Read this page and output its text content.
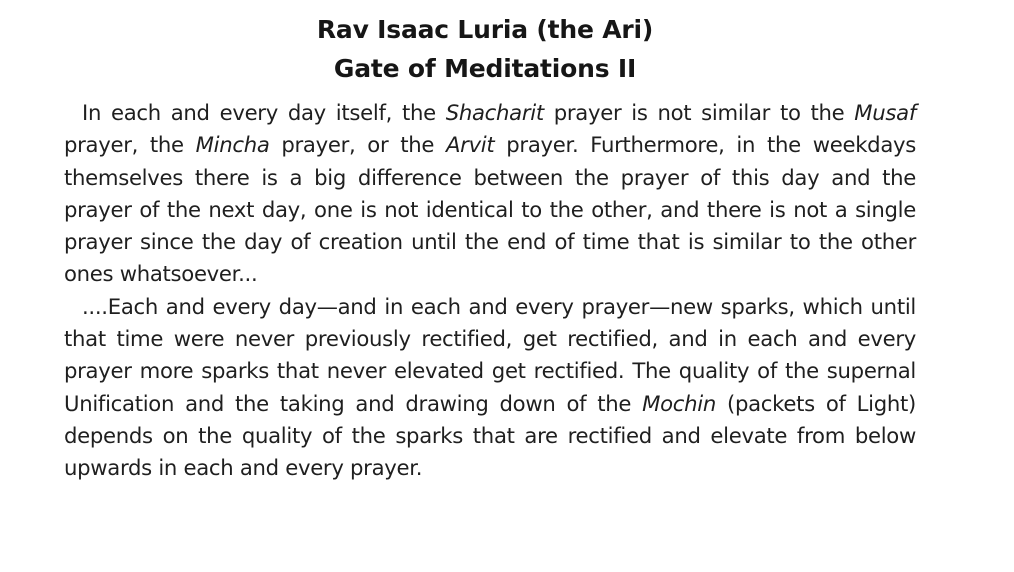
Rav Isaac Luria (the Ari)
Gate of Meditations II

In each and every day itself, the Shacharit prayer is not similar to the Musaf prayer, the Mincha prayer, or the Arvit prayer. Furthermore, in the weekdays themselves there is a big difference between the prayer of this day and the prayer of the next day, one is not identical to the other, and there is not a single prayer since the day of creation until the end of time that is similar to the other ones whatsoever...

....Each and every day—and in each and every prayer—new sparks, which until that time were never previously rectified, get rectified, and in each and every prayer more sparks that never elevated get rectified. The quality of the supernal Unification and the taking and drawing down of the Mochin (packets of Light) depends on the quality of the sparks that are rectified and elevate from below upwards in each and every prayer.
